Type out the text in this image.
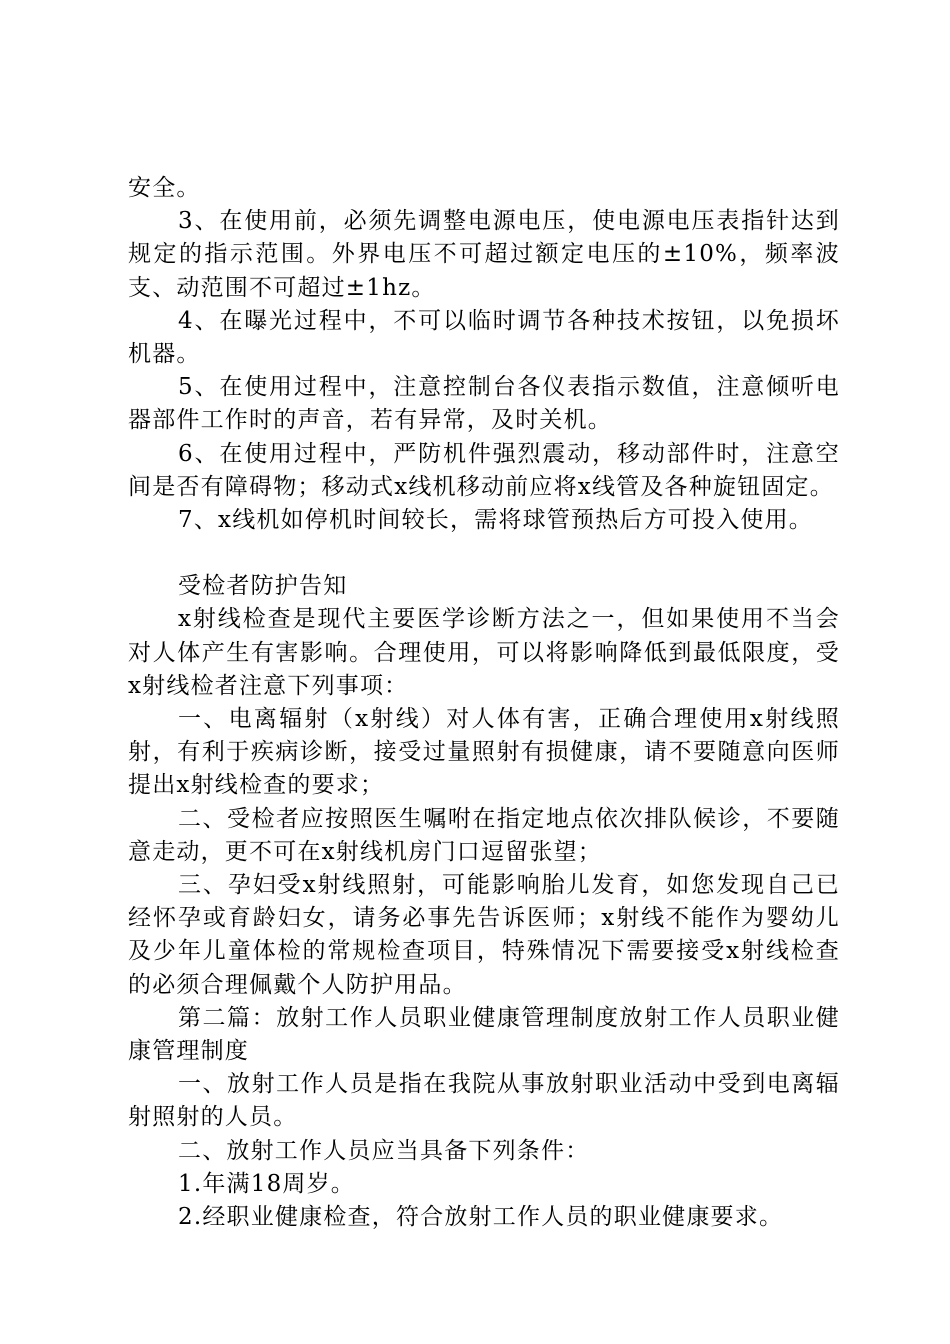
安全。

3、在使用前，必须先调整电源电压，使电源电压表指针达到规定的指示范围。外界电压不可超过额定电压的±10%，频率波支、动范围不可超过±1hz。

4、在曝光过程中，不可以临时调节各种技术按钮，以免损坏机器。

5、在使用过程中，注意控制台各仪表指示数值，注意倾听电器部件工作时的声音，若有异常，及时关机。

6、在使用过程中，严防机件强烈震动，移动部件时，注意空间是否有障碍物；移动式x线机移动前应将x线管及各种旋钮固定。

7、x线机如停机时间较长，需将球管预热后方可投入使用。

受检者防护告知

x射线检查是现代主要医学诊断方法之一，但如果使用不当会对人体产生有害影响。合理使用，可以将影响降低到最低限度，受x射线检者注意下列事项：

一、电离辐射（x射线）对人体有害，正确合理使用x射线照射，有利于疾病诊断，接受过量照射有损健康，请不要随意向医师提出x射线检查的要求；

二、受检者应按照医生嘱咐在指定地点依次排队候诊，不要随意走动，更不可在x射线机房门口逗留张望；

三、孕妇受x射线照射，可能影响胎儿发育，如您发现自己已经怀孕或育龄妇女，请务必事先告诉医师；x射线不能作为婴幼儿及少年儿童体检的常规检查项目，特殊情况下需要接受x射线检查的必须合理佩戴个人防护用品。

第二篇：放射工作人员职业健康管理制度放射工作人员职业健康管理制度

一、放射工作人员是指在我院从事放射职业活动中受到电离辐射照射的人员。

二、放射工作人员应当具备下列条件：

1.年满18周岁。

2.经职业健康检查，符合放射工作人员的职业健康要求。
